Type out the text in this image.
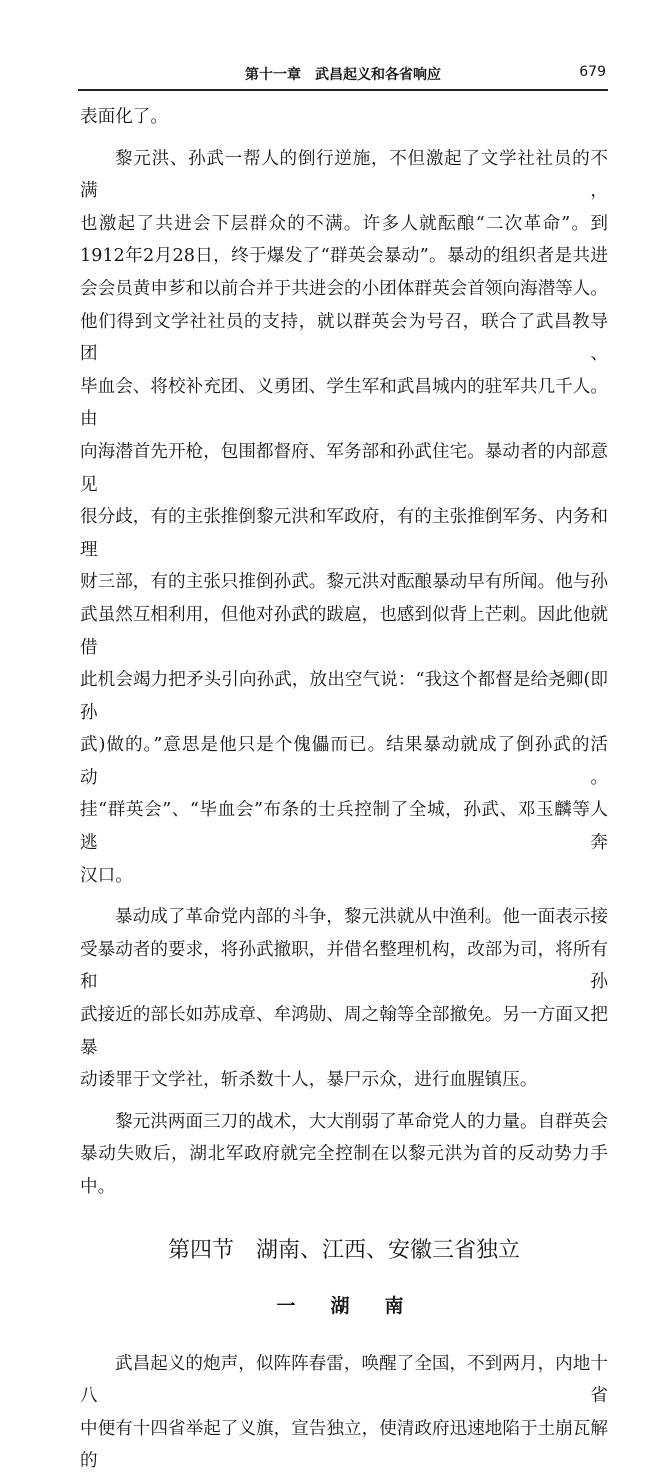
第十一章　武昌起义和各省响应	679

表面化了。

黎元洪、孙武一帮人的倒行逆施，不但激起了文学社社员的不满，

也激起了共进会下层群众的不满。许多人就酝酿“二次革命”。到

1912年2月28日，终于爆发了“群英会暴动”。暴动的组织者是共进

会会员黄申芗和以前合并于共进会的小团体群英会首领向海潜等人。

他们得到文学社社员的支持，就以群英会为号召，联合了武昌教导团、

毕血会、将校补充团、义勇团、学生军和武昌城内的驻军共几千人。由

向海潜首先开枪，包围都督府、军务部和孙武住宅。暴动者的内部意见

很分歧，有的主张推倒黎元洪和军政府，有的主张推倒军务、内务和理

财三部，有的主张只推倒孙武。黎元洪对酝酿暴动早有所闻。他与孙

武虽然互相利用，但他对孙武的跋扈，也感到似背上芒刺。因此他就借

此机会竭力把矛头引向孙武，放出空气说：“我这个都督是给尧卿(即孙

武)做的。”意思是他只是个傀儡而已。结果暴动就成了倒孙武的活动。

挂“群英会”、“毕血会”布条的士兵控制了全城，孙武、邓玉麟等人逃奔

汉口。

暴动成了革命党内部的斗争，黎元洪就从中渔利。他一面表示接

受暴动者的要求，将孙武撤职，并借名整理机构，改部为司，将所有和孙

武接近的部长如苏成章、牟鸿勋、周之翰等全部撤免。另一方面又把暴

动诿罪于文学社，斩杀数十人，暴尸示众，进行血腥镇压。

黎元洪两面三刀的战术，大大削弱了革命党人的力量。自群英会

暴动失败后，湖北军政府就完全控制在以黎元洪为首的反动势力手中。

第四节　湖南、江西、安徽三省独立
一　湖　南

武昌起义的炮声，似阵阵春雷，唤醒了全国，不到两月，内地十八省

中便有十四省举起了义旗，宣告独立，使清政府迅速地陷于土崩瓦解的
